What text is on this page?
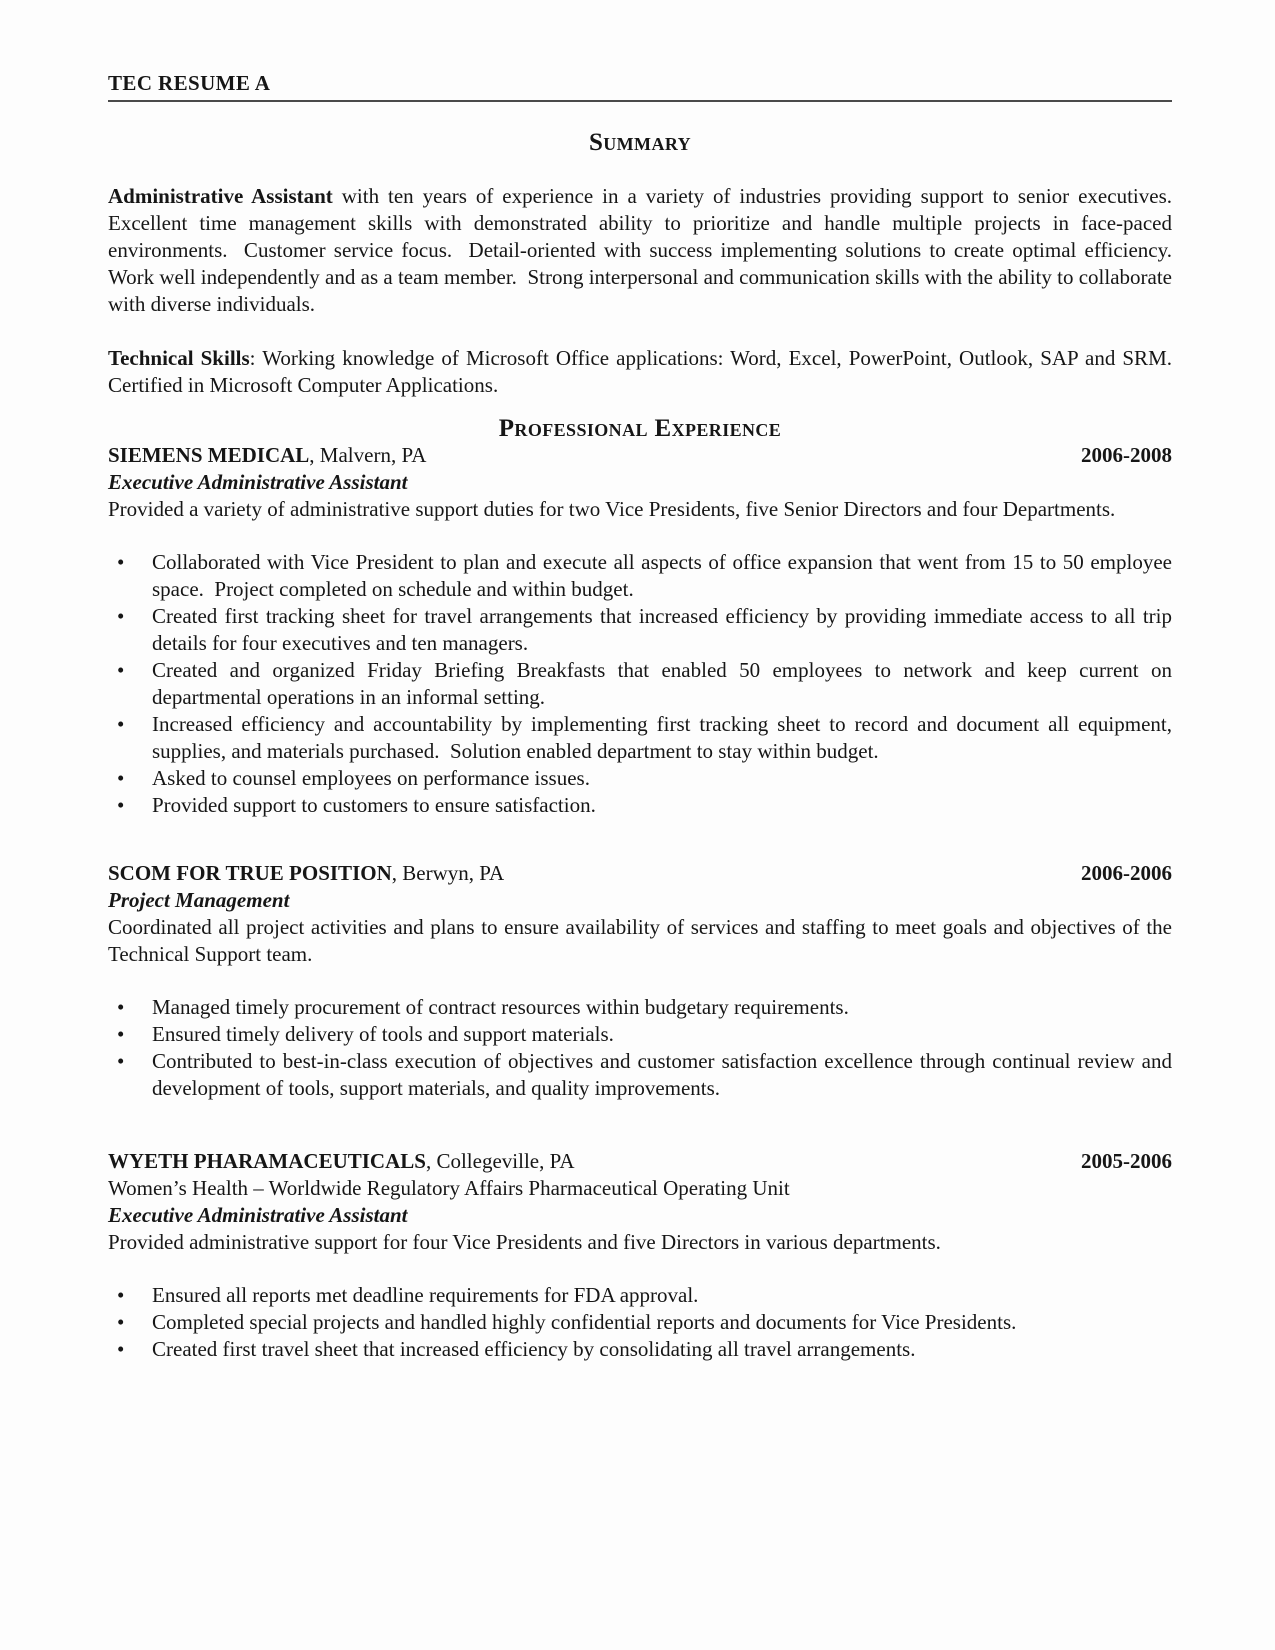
TEC RESUME A
Summary

Administrative Assistant with ten years of experience in a variety of industries providing support to senior executives.  Excellent time management skills with demonstrated ability to prioritize and handle multiple projects in face-paced environments.  Customer service focus.  Detail-oriented with success implementing solutions to create optimal efficiency.  Work well independently and as a team member.  Strong interpersonal and communication skills with the ability to collaborate with diverse individuals.

Technical Skills: Working knowledge of Microsoft Office applications: Word, Excel, PowerPoint, Outlook, SAP and SRM.  Certified in Microsoft Computer Applications.

Professional Experience
SIEMENS MEDICAL, Malvern, PA	2006-2008
Executive Administrative Assistant

Provided a variety of administrative support duties for two Vice Presidents, five Senior Directors and four Departments.

• Collaborated with Vice President to plan and execute all aspects of office expansion that went from 15 to 50 employee space.  Project completed on schedule and within budget.
• Created first tracking sheet for travel arrangements that increased efficiency by providing immediate access to all trip details for four executives and ten managers.
• Created and organized Friday Briefing Breakfasts that enabled 50 employees to network and keep current on departmental operations in an informal setting.
• Increased efficiency and accountability by implementing first tracking sheet to record and document all equipment, supplies, and materials purchased.  Solution enabled department to stay within budget.
• Asked to counsel employees on performance issues.
• Provided support to customers to ensure satisfaction.
SCOM FOR TRUE POSITION, Berwyn, PA	2006-2006
Project Management

Coordinated all project activities and plans to ensure availability of services and staffing to meet goals and objectives of the Technical Support team.

• Managed timely procurement of contract resources within budgetary requirements.
• Ensured timely delivery of tools and support materials.
• Contributed to best-in-class execution of objectives and customer satisfaction excellence through continual review and development of tools, support materials, and quality improvements.
WYETH PHARAMACEUTICALS, Collegeville, PA	2005-2006
Women’s Health – Worldwide Regulatory Affairs Pharmaceutical Operating Unit
Executive Administrative Assistant

Provided administrative support for four Vice Presidents and five Directors in various departments.

• Ensured all reports met deadline requirements for FDA approval.
• Completed special projects and handled highly confidential reports and documents for Vice Presidents.
• Created first travel sheet that increased efficiency by consolidating all travel arrangements.
